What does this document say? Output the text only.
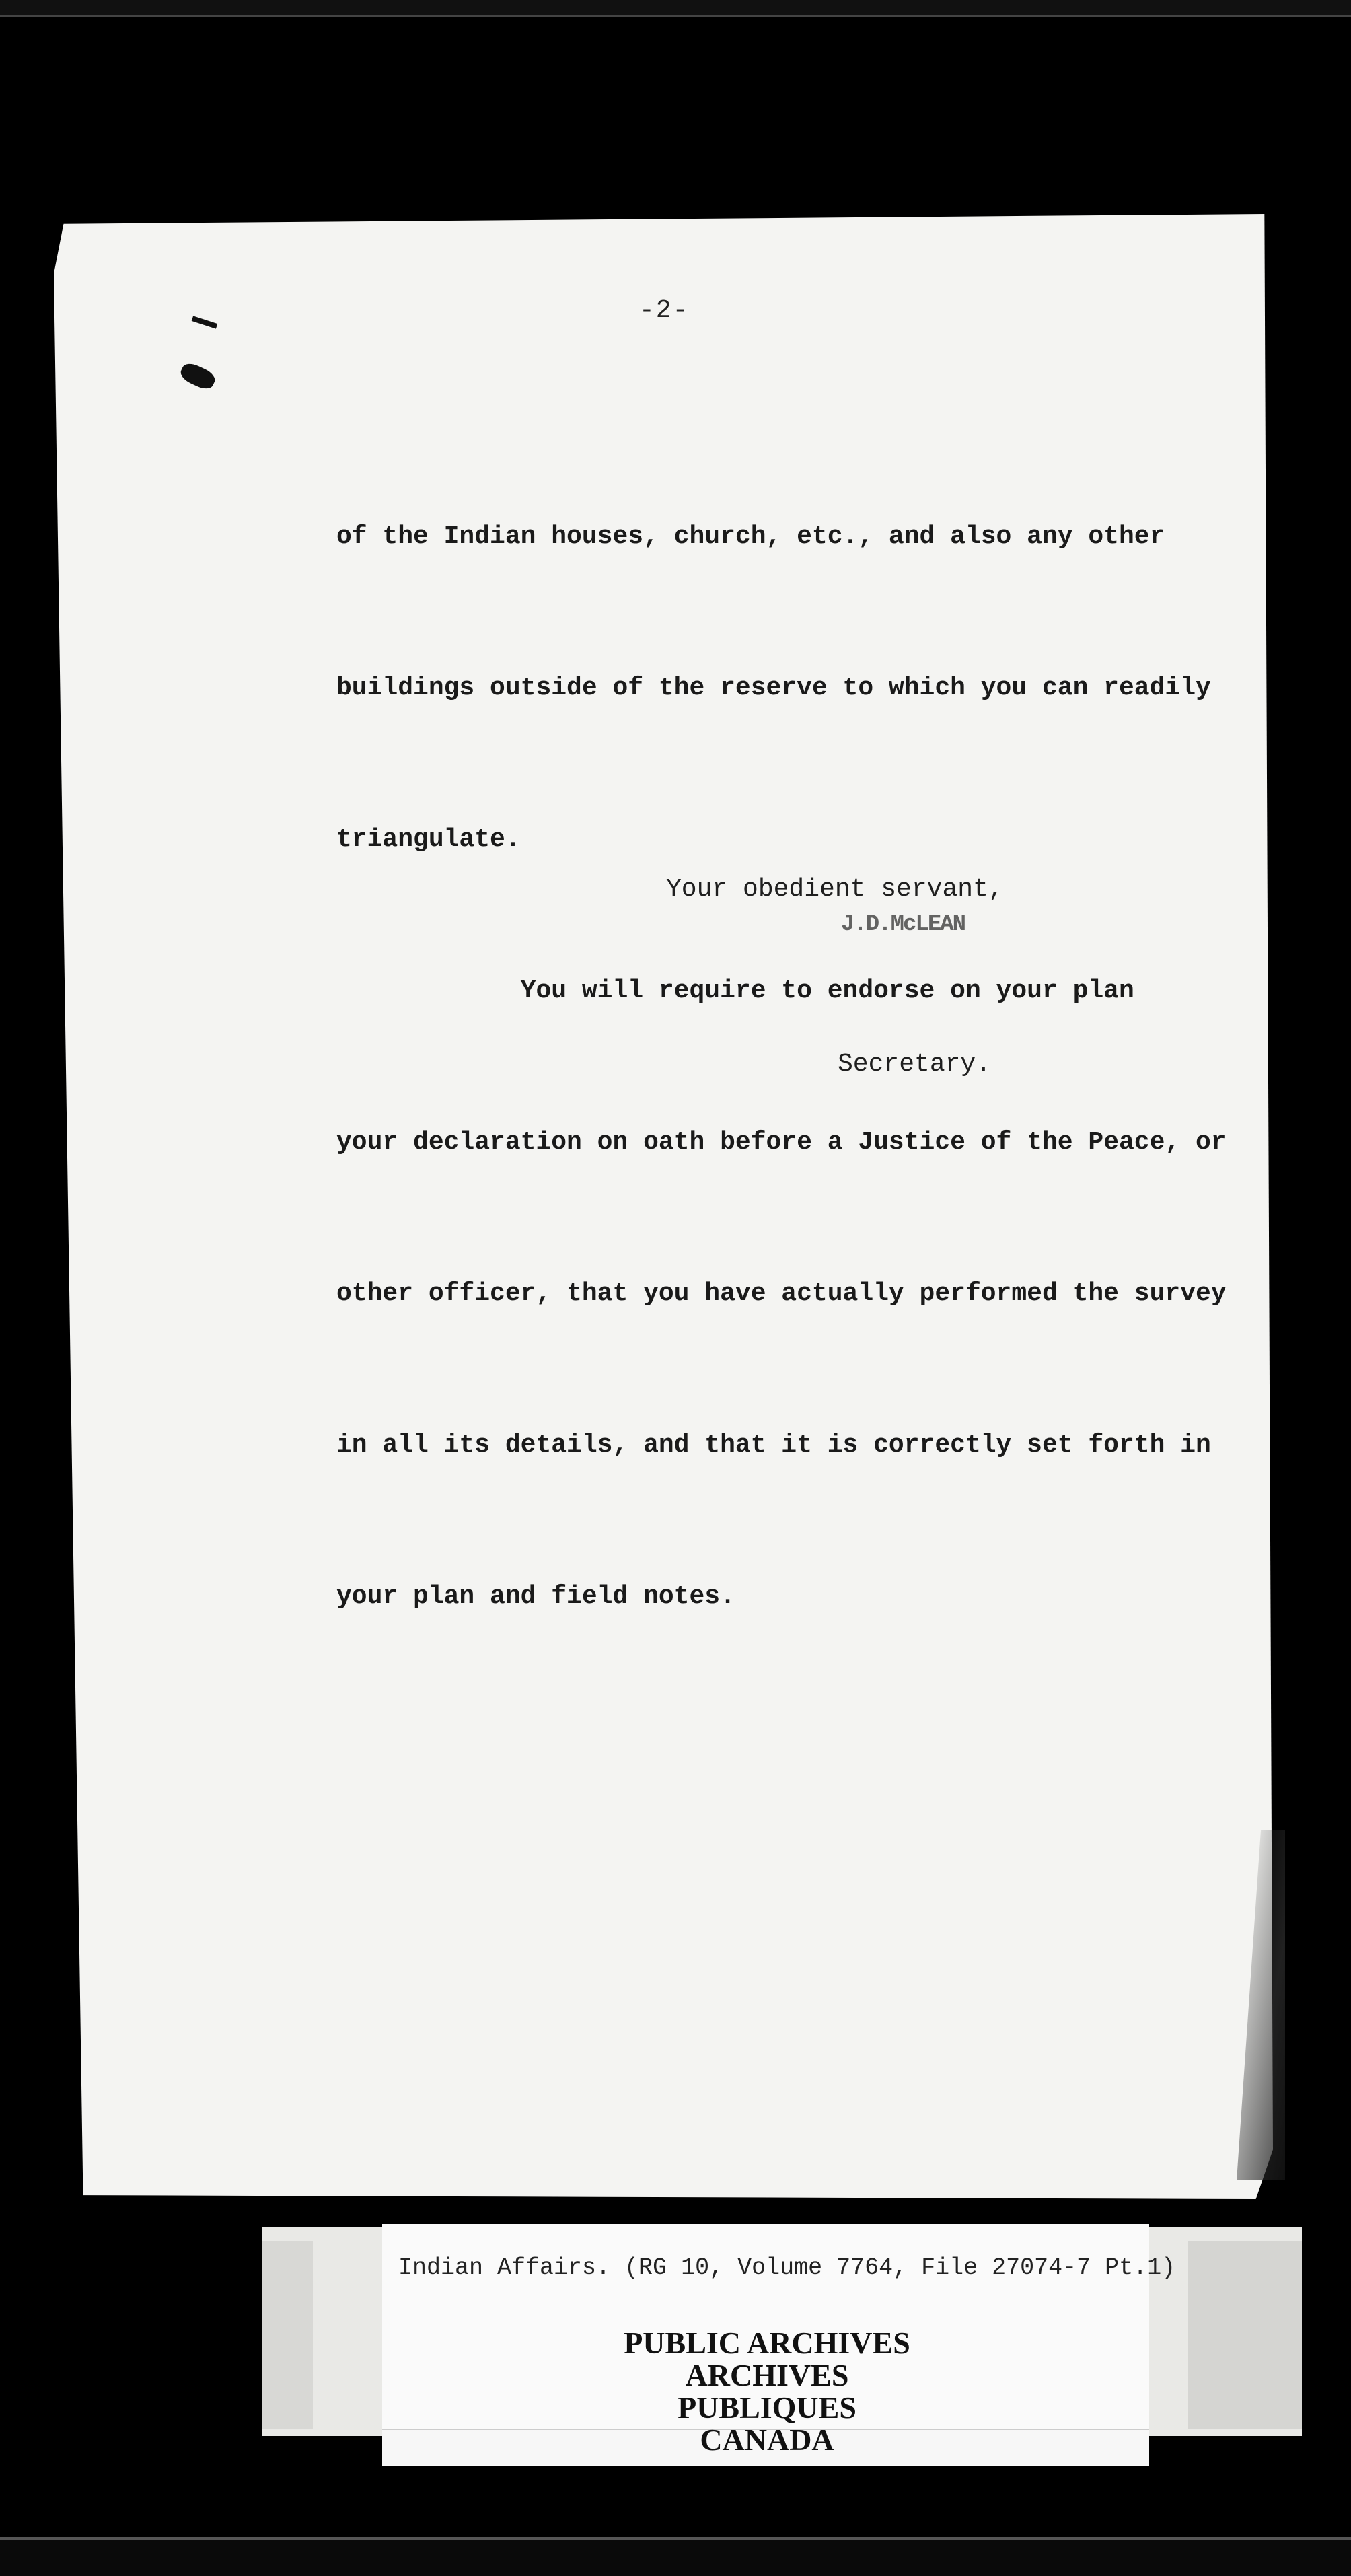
-2-

of the Indian houses, church, etc., and also any other

buildings outside of the reserve to which you can readily

triangulate.

You will require to endorse on your plan

your declaration on oath before a Justice of the Peace, or

other officer, that you have actually performed the survey

in all its details, and that it is correctly set forth in

your plan and field notes.

Your obedient servant,
J.D.McLEAN
Secretary.
Indian Affairs. (RG 10, Volume 7764, File 27074-7 Pt.1)
PUBLIC ARCHIVES
ARCHIVES PUBLIQUES
CANADA
